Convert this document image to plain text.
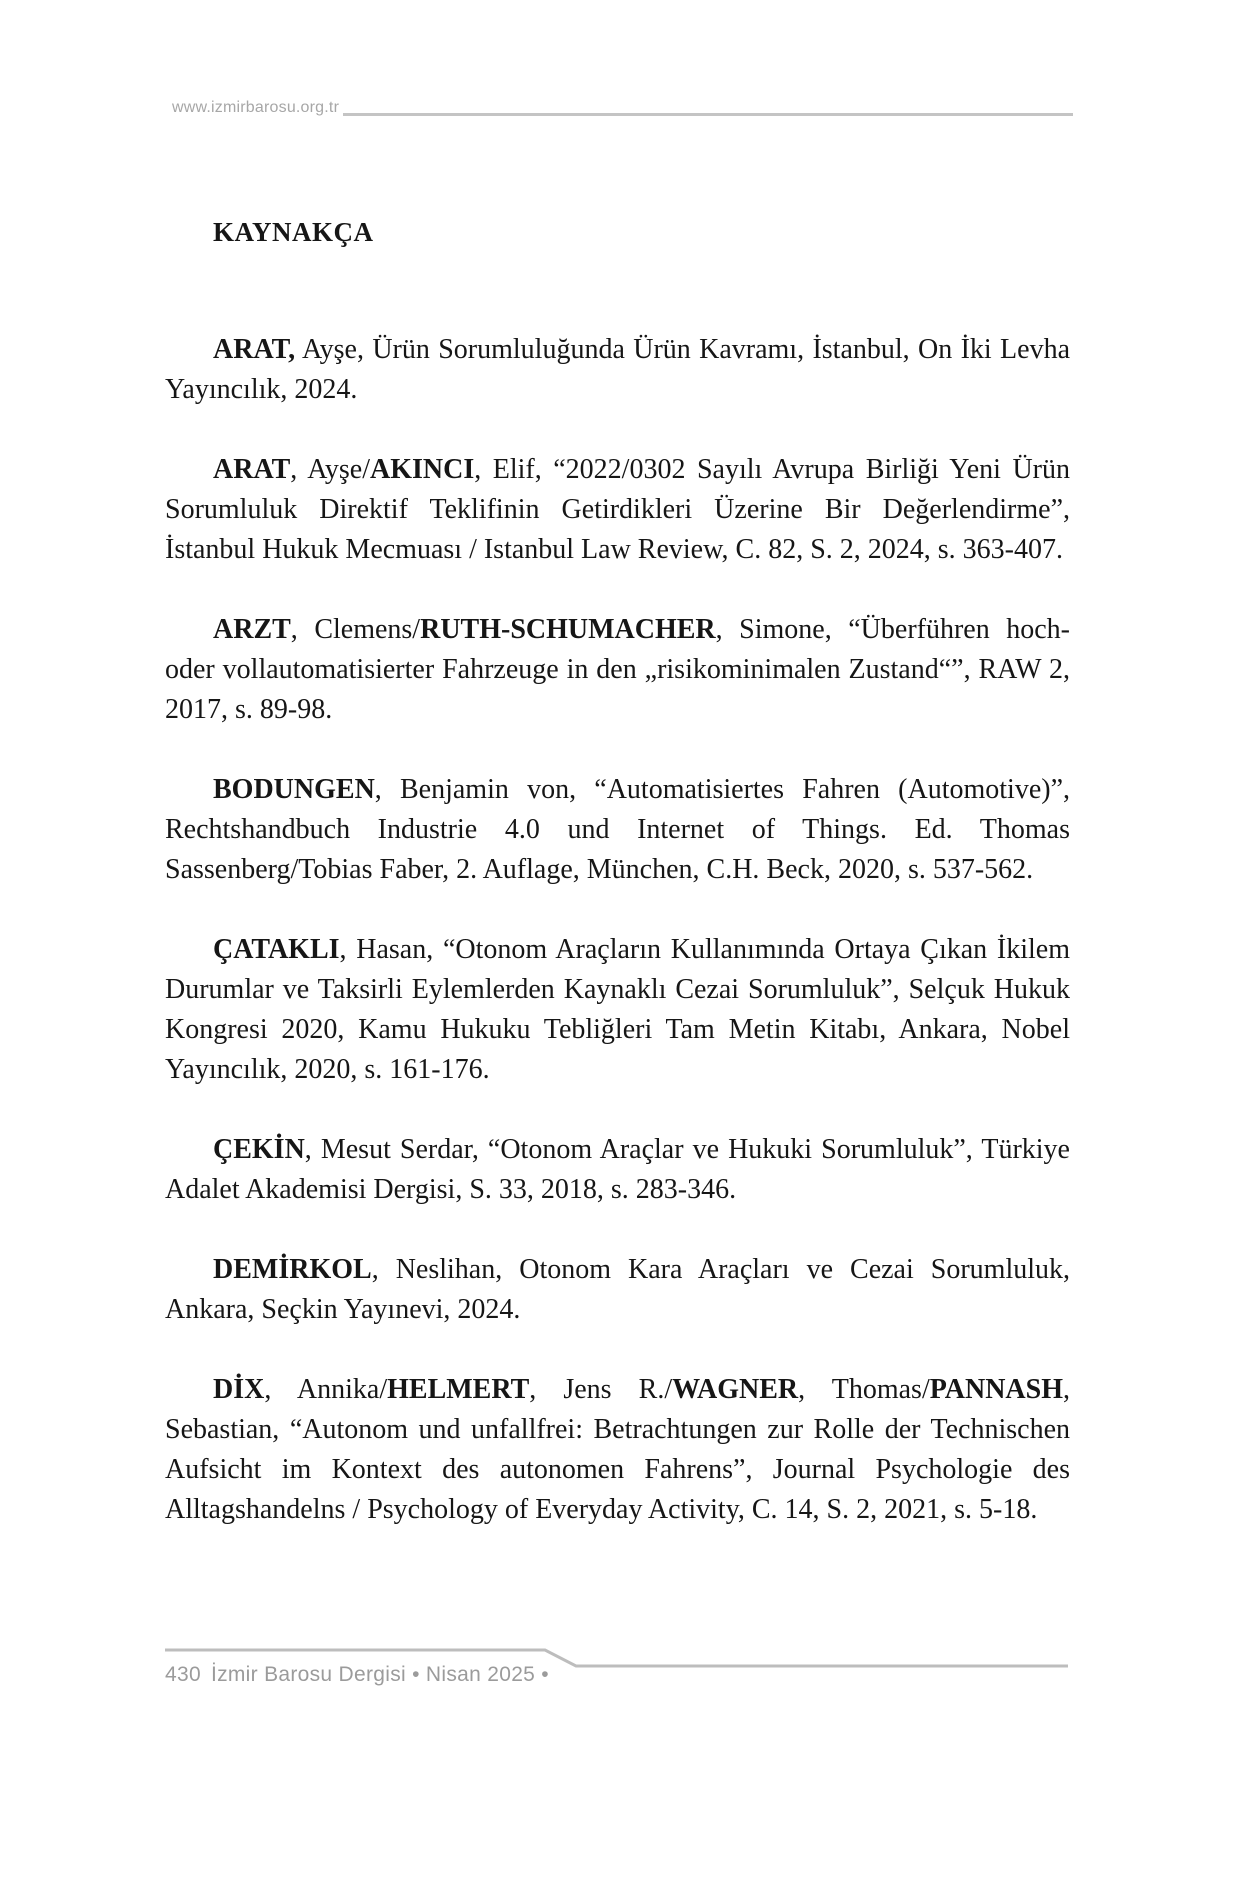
www.izmirbarosu.org.tr
KAYNAKÇA

ARAT, Ayşe, Ürün Sorumluluğunda Ürün Kavramı, İstanbul, On İki Levha Yayıncılık, 2024.

ARAT, Ayşe/AKINCI, Elif, “2022/0302 Sayılı Avrupa Birliği Yeni Ürün Sorumluluk Direktif Teklifinin Getirdikleri Üzerine Bir Değerlendirme”, İstanbul Hukuk Mecmuası / Istanbul Law Review, C. 82, S. 2, 2024, s. 363-407.

ARZT, Clemens/RUTH-SCHUMACHER, Simone, “Überführen hoch- oder vollautomatisierter Fahrzeuge in den „risikominimalen Zustand“”, RAW 2, 2017, s. 89-98.

BODUNGEN, Benjamin von, “Automatisiertes Fahren (Automotive)”, Rechtshandbuch Industrie 4.0 und Internet of Things. Ed. Thomas Sassenberg/Tobias Faber, 2. Auflage, München, C.H. Beck, 2020, s. 537-562.

ÇATAKLI, Hasan, “Otonom Araçların Kullanımında Ortaya Çıkan İkilem Durumlar ve Taksirli Eylemlerden Kaynaklı Cezai Sorumluluk”, Selçuk Hukuk Kongresi 2020, Kamu Hukuku Tebliğleri Tam Metin Kitabı, Ankara, Nobel Yayıncılık, 2020, s. 161-176.

ÇEKİN, Mesut Serdar, “Otonom Araçlar ve Hukuki Sorumluluk”, Türkiye Adalet Akademisi Dergisi, S. 33, 2018, s. 283-346.

DEMİRKOL, Neslihan, Otonom Kara Araçları ve Cezai Sorumluluk, Ankara, Seçkin Yayınevi, 2024.

DİX, Annika/HELMERT, Jens R./WAGNER, Thomas/PANNASH, Sebastian, “Autonom und unfallfrei: Betrachtungen zur Rolle der Technischen Aufsicht im Kontext des autonomen Fahrens”, Journal Psychologie des Alltagshandelns / Psychology of Everyday Activity, C. 14, S. 2, 2021, s. 5-18.

430 İzmir Barosu Dergisi • Nisan 2025 •
